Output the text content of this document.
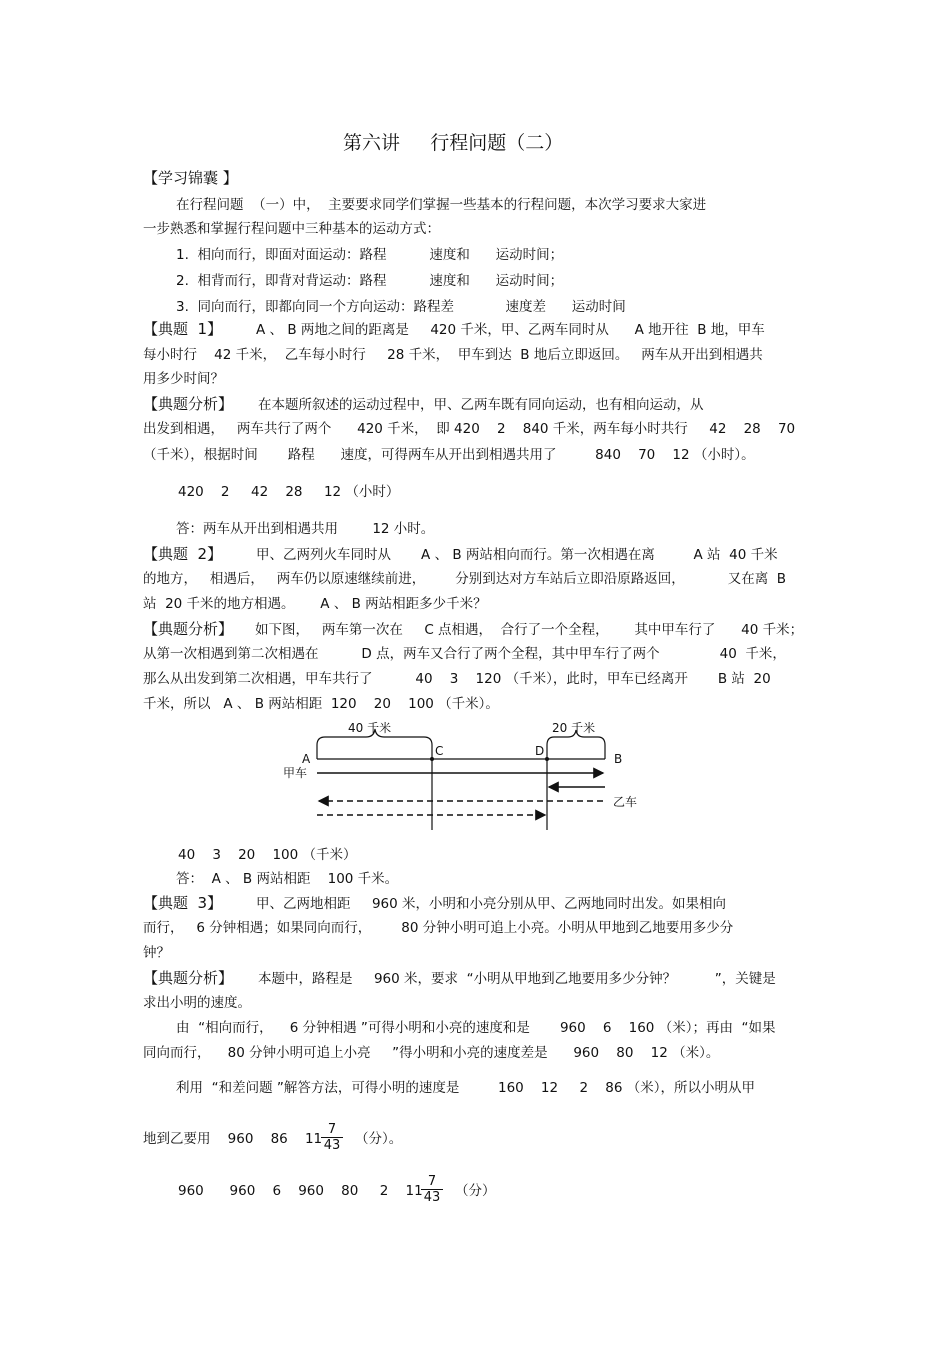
第六讲     行程问题（二）
【学习锦囊 】
在行程问题  （一）中，  主要要求同学们掌握一些基本的行程问题，本次学习要求大家进
一步熟悉和掌握行程问题中三种基本的运动方式：
1.  相向而行，即面对面运动：路程          速度和      运动时间；
2.  相背而行，即背对背运动：路程          速度和      运动时间；
3.  同向而行，即都向同一个方向运动：路程差            速度差      运动时间
【典题  1】	A 、 B 两地之间的距离是     420 千米，甲、乙两车同时从      A 地开往  B 地，甲车
每小时行    42 千米，  乙车每小时行     28 千米，  甲车到达  B 地后立即返回。   两车从开出到相遇共
用多少时间？
【典题分析】 在本题所叙述的运动过程中，甲、乙两车既有同向运动，也有相向运动，从
出发到相遇，   两车共行了两个      420 千米，  即 420    2    840 千米，两车每小时共行     42    28    70
（千米），根据时间       路程      速度，可得两车从开出到相遇共用了         840    70    12 （小时）。
420    2     42    28     12 （小时）
答：两车从开出到相遇共用        12 小时。
【典题  2】	甲、乙两列火车同时从       A 、 B 两站相向而行。第一次相遇在离         A 站  40 千米
的地方，   相遇后，   两车仍以原速继续前进，       分别到达对方车站后立即沿原路返回，          又在离  B
站  20 千米的地方相遇。      A 、 B 两站相距多少千米？
【典题分析】 如下图，   两车第一次在     C 点相遇，  合行了一个全程，      其中甲车行了      40 千米；
从第一次相遇到第二次相遇在          D 点，两车又合行了两个全程，其中甲车行了两个              40  千米，
那么从出发到第二次相遇，甲车共行了          40    3    120 （千米），此时，甲车已经离开       B 站  20
千米，所以   A 、 B 两站相距  120    20    100 （千米）。
40 千米	20 千米
A	B
C	D
甲车
乙车
40    3    20    100 （千米）
答：  A 、 B 两站相距    100 千米。
【典题  3】	甲、乙两地相距     960 米，小明和小亮分别从甲、乙两地同时出发。如果相向
而行，   6 分钟相遇；如果同向而行，       80 分钟小明可追上小亮。小明从甲地到乙地要用多少分
钟？
【典题分析】 本题中，路程是     960 米，要求  “小明从甲地到乙地要用多少分钟？         ”，关键是
求出小明的速度。
由  “相向而行，    6 分钟相遇 ”可得小明和小亮的速度和是       960    6    160 （米）；再由  “如果
同向而行，    80 分钟小明可追上小亮     ”得小明和小亮的速度差是      960    80    12 （米）。
利用  “和差问题 ”解答方法，可得小明的速度是         160    12     2    86 （米），所以小明从甲
地到乙要用    960    86    11
$\frac{7}{43}$ （分）。
960      960    6    960    80     2    11
$\frac{7}{43}$ （分）
